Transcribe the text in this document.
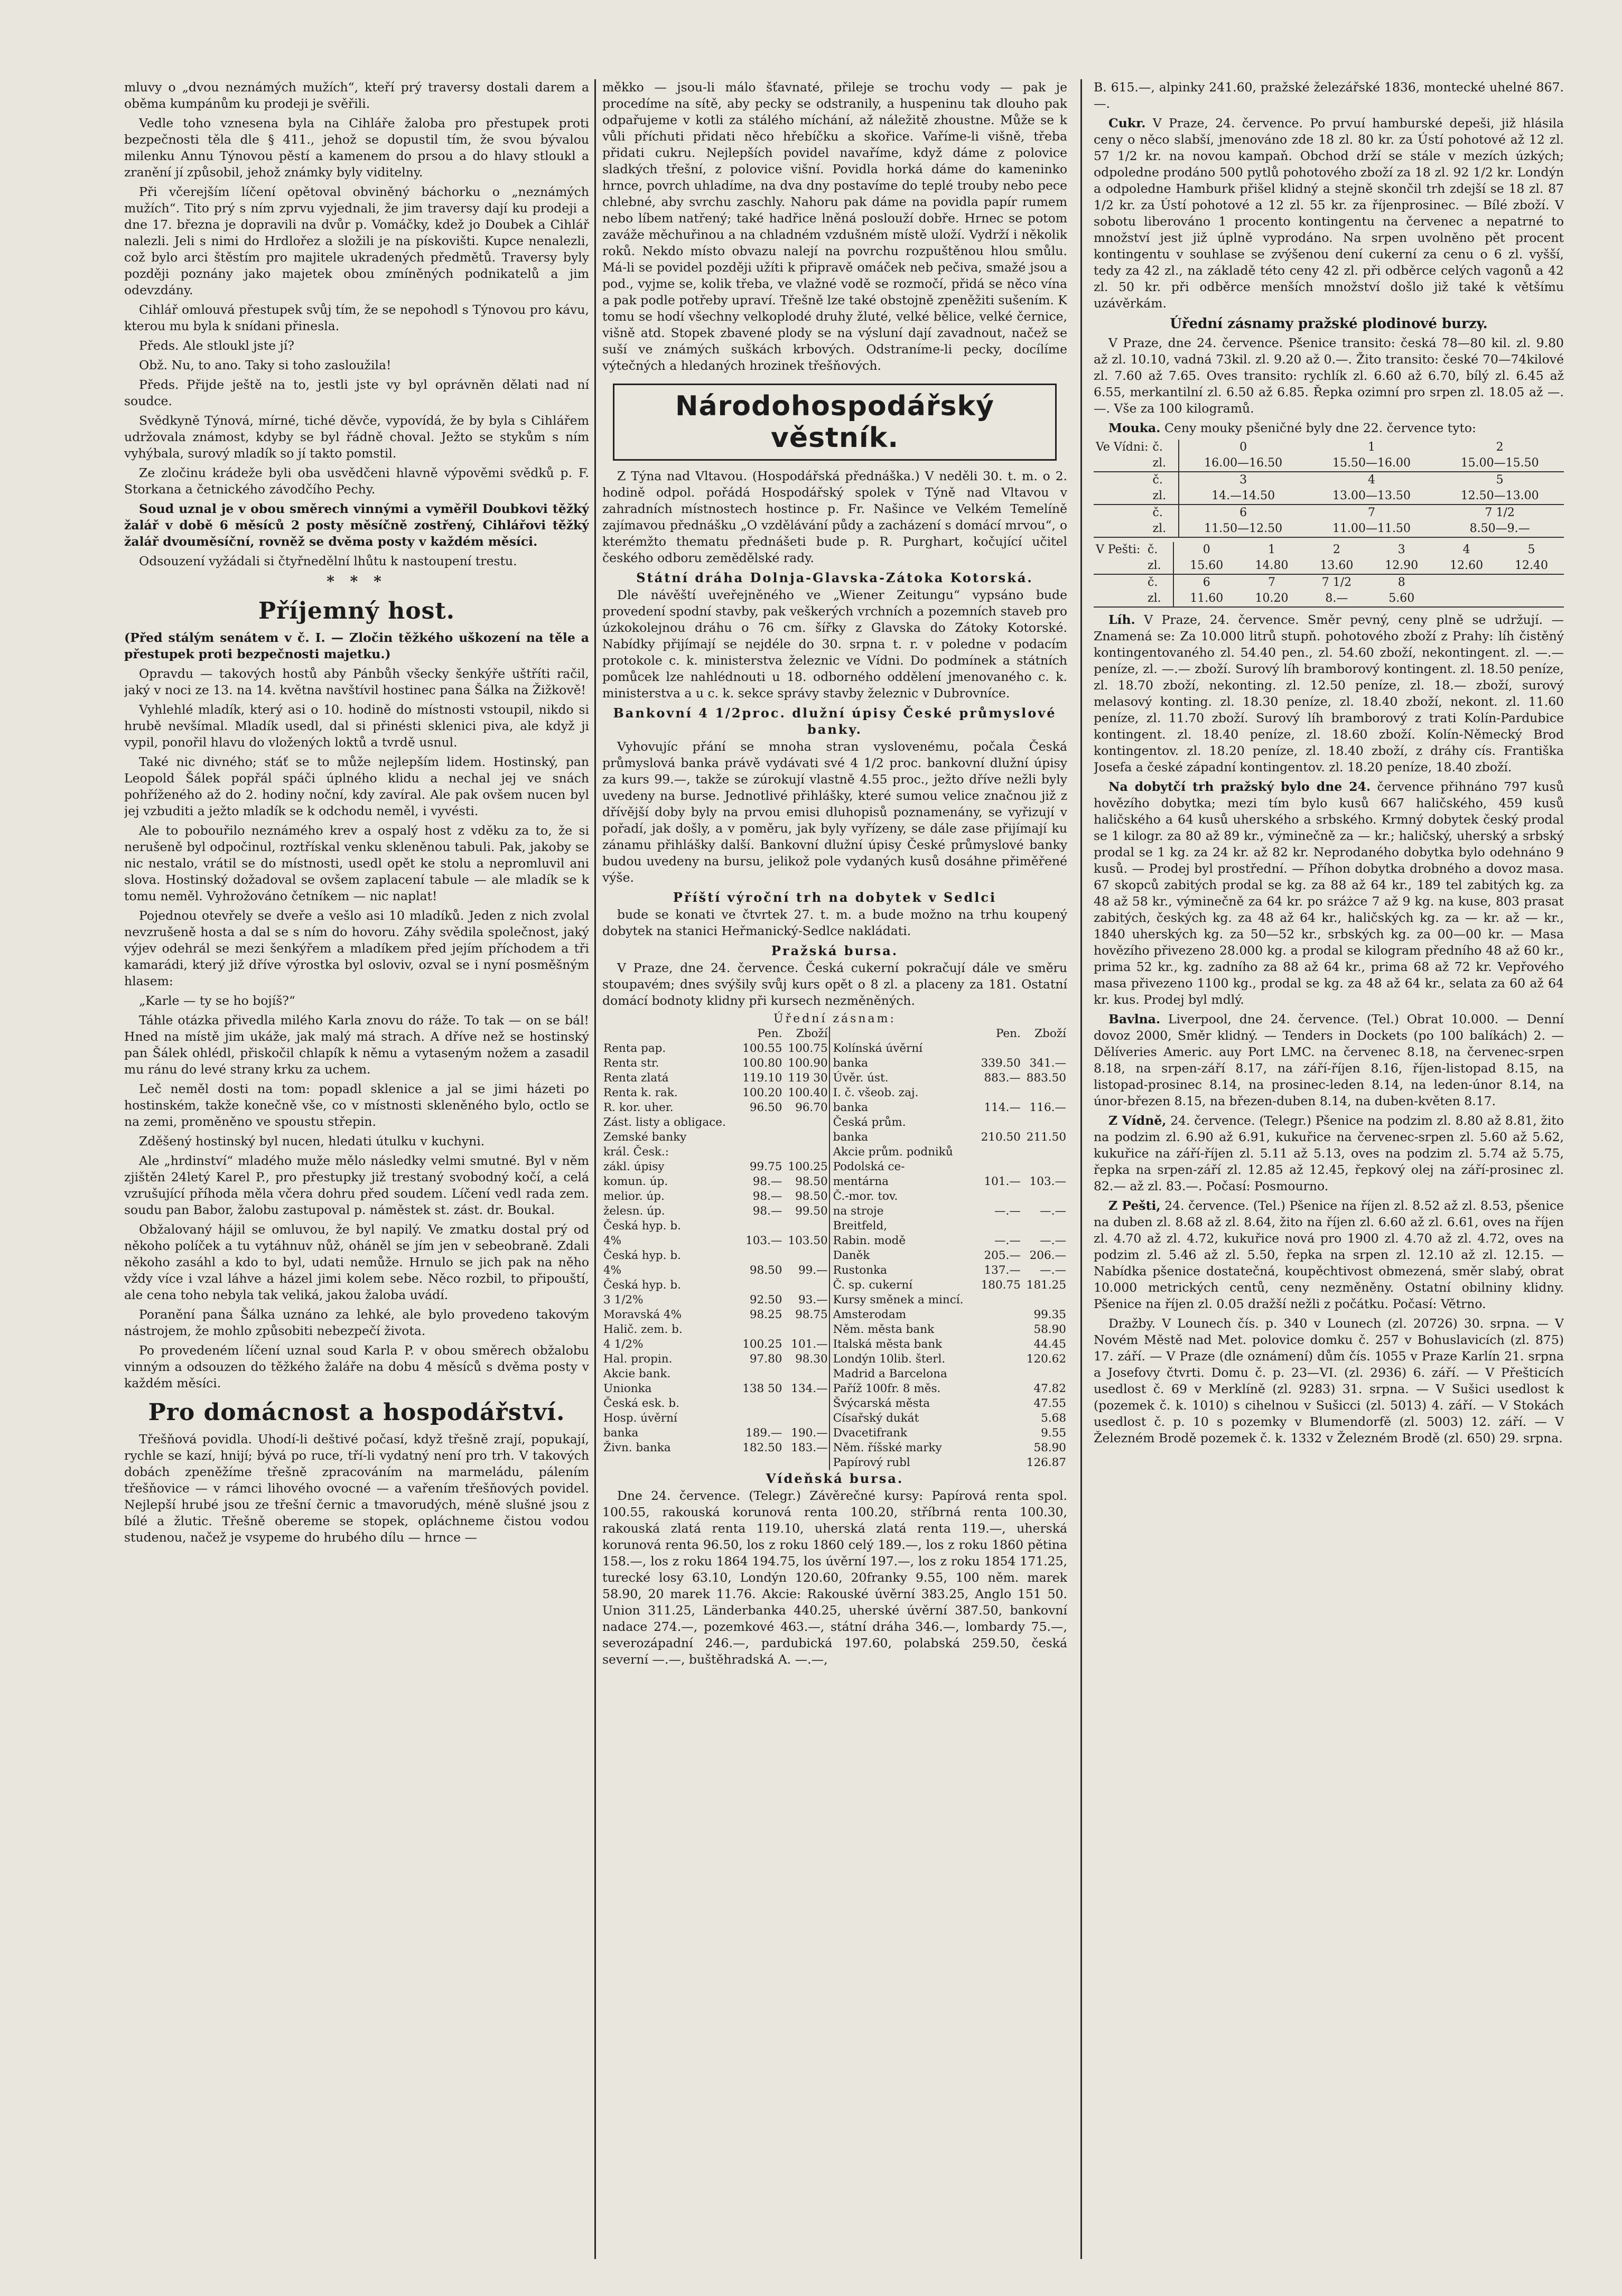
mluvy o „dvou neznámých mužích“, kteří prý traversy dostali darem a oběma kumpánům ku prodeji je svěřili.

Vedle toho vznesena byla na Cihláře žaloba pro přestupek proti bezpečnosti těla dle § 411., jehož se dopustil tím, že svou bývalou milenku Annu Týnovou pěstí a kamenem do prsou a do hlavy stloukl a zranění jí způsobil, jehož známky byly viditelny.

Při včerejším líčení opětoval obviněný báchorku o „neznámých mužích“. Tito prý s ním zprvu vyjednali, že jim traversy dají ku prodeji a dne 17. března je dopravili na dvůr p. Vomáčky, kdež jo Doubek a Cihlář nalezli. Jeli s nimi do Hrdlořez a složili je na pískovišti. Kupce nenalezli, což bylo arci štěstím pro majitele ukradených předmětů. Traversy byly později poznány jako majetek obou zmíněných podnikatelů a jim odevzdány.

Cihlář omlouvá přestupek svůj tím, že se nepohodl s Týnovou pro kávu, kterou mu byla k snídani přinesla.

Předs. Ale stloukl jste jí?

Obž. Nu, to ano. Taky si toho zasloužila!

Předs. Přijde ještě na to, jestli jste vy byl oprávněn dělati nad ní soudce.

Svědkyně Týnová, mírné, tiché děvče, vypovídá, že by byla s Cihlářem udržovala známost, kdyby se byl řádně choval. Ježto se stykům s ním vyhýbala, surový mladík so jí takto pomstil.

Ze zločinu krádeže byli oba usvědčeni hlavně výpověmi svědků p. F. Storkana a četnického závodčího Pechy.

Soud uznal je v obou směrech vinnými a vyměřil Doubkovi těžký žalář v době 6 měsíců 2 posty měsíčně zostřený, Cihlářovi těžký žalář dvouměsíční, rovněž se dvěma posty v každém měsíci.

Odsouzení vyžádali si čtyřnedělní lhůtu k nastoupení trestu.

* * *
Příjemný host.

(Před stálým senátem v č. I. — Zločin těžkého uškození na těle a přestupek proti bezpečnosti majetku.)

Opravdu — takových hostů aby Pánbůh všecky šenkýře uštříti račil, jaký v noci ze 13. na 14. května navštívil hostinec pana Šálka na Žižkově!

Vyhlehlé mladík, který asi o 10. hodině do místnosti vstoupil, nikdo si hrubě nevšímal. Mladík usedl, dal si přinésti sklenici piva, ale když ji vypil, ponořil hlavu do vložených loktů a tvrdě usnul.

Také nic divného; stáť se to může nejlepším lidem. Hostinský, pan Leopold Šálek popřál spáči úplného klidu a nechal jej ve snách pohříženého až do 2. hodiny noční, kdy zavíral. Ale pak ovšem nucen byl jej vzbuditi a ježto mladík se k odchodu neměl, i vyvésti.

Ale to pobouřilo neznámého krev a ospalý host z vděku za to, že si nerušeně byl odpočinul, roztřískal venku skleněnou tabuli. Pak, jakoby se nic nestalo, vrátil se do místnosti, usedl opět ke stolu a nepromluvil ani slova. Hostinský dožadoval se ovšem zaplacení tabule — ale mladík se k tomu neměl. Vyhrožováno četníkem — nic naplat!

Pojednou otevřely se dveře a vešlo asi 10 mladíků. Jeden z nich zvolal nevzrušeně hosta a dal se s ním do hovoru. Záhy svědila společnost, jaký výjev odehrál se mezi šenkýřem a mladíkem před jejím příchodem a tři kamarádi, který již dříve výrostka byl osloviv, ozval se i nyní posměšným hlasem:

„Karle — ty se ho bojíš?“

Táhle otázka přivedla milého Karla znovu do ráže. To tak — on se bál! Hned na místě jim ukáže, jak malý má strach. A dříve než se hostinský pan Šálek ohlédl, přiskočil chlapík k němu a vytaseným nožem a zasadil mu ránu do levé strany krku za uchem.

Leč neměl dosti na tom: popadl sklenice a jal se jimi házeti po hostinském, takže konečně vše, co v místnosti skleněného bylo, octlo se na zemi, proměněno ve spoustu střepin.

Zděšený hostinský byl nucen, hledati útulku v kuchyni.

Ale „hrdinství“ mladého muže mělo následky velmi smutné. Byl v něm zjištěn 24letý Karel P., pro přestupky již trestaný svobodný kočí, a celá vzrušující příhoda měla včera dohru před soudem. Líčení vedl rada zem. soudu pan Babor, žalobu zastupoval p. náměstek st. zást. dr. Boukal.

Obžalovaný hájil se omluvou, že byl napilý. Ve zmatku dostal prý od někoho políček a tu vytáhnuv nůž, oháněl se jím jen v sebeobraně. Zdali někoho zasáhl a kdo to byl, udati nemůže. Hrnulo se jich pak na něho vždy více i vzal láhve a házel jimi kolem sebe. Něco rozbil, to připouští, ale cena toho nebyla tak veliká, jakou žaloba uvádí.

Poranění pana Šálka uznáno za lehké, ale bylo provedeno takovým nástrojem, že mohlo způsobiti nebezpečí života.

Po provedeném líčení uznal soud Karla P. v obou směrech obžalobu vinným a odsouzen do těžkého žaláře na dobu 4 měsíců s dvěma posty v každém měsíci.

Pro domácnost a hospodářství.

Třešňová povidla. Uhodí-li deštivé počasí, když třešně zrají, popukají, rychle se kazí, hnijí; bývá po ruce, tří-li vydatný není pro trh. V takových dobách zpeněžíme třešně zpracováním na marmeládu, pálením třešňovice — v rámci lihového ovocné — a vařením třešňových povidel. Nejlepší hrubé jsou ze třešní černic a tmavorudých, méně slušné jsou z bílé a žlutic. Třešně obereme se stopek, opláchneme čistou vodou studenou, načež je vsypeme do hrubého dílu — hrnce —

měkko — jsou-li málo šťavnaté, přileje se trochu vody — pak je procedíme na sítě, aby pecky se odstranily, a huspeninu tak dlouho pak odpařujeme v kotli za stálého míchání, až náležitě zhoustne. Může se k vůli příchuti přidati něco hřebíčku a skořice. Vaříme-li višně, třeba přidati cukru. Nejlepších povidel navaříme, když dáme z polovice sladkých třešní, z polovice višní. Povidla horká dáme do kameninko hrnce, povrch uhladíme, na dva dny postavíme do teplé trouby nebo pece chlebné, aby svrchu zaschly. Nahoru pak dáme na povidla papír rumem nebo líbem natřený; také hadřice lněná poslouží dobře. Hrnec se potom zaváže měchuřinou a na chladném vzdušném místě uloží. Vydrží i několik roků. Nekdo místo obvazu nalejí na povrchu rozpuštěnou hlou smůlu. Má-li se povidel později užíti k připravě omáček neb pečiva, smažé jsou a pod., vyjme se, kolik třeba, ve vlažné vodě se rozmočí, přidá se něco vína a pak podle potřeby upraví. Třešně lze také obstojně zpeněžiti sušením. K tomu se hodí všechny velkoplodé druhy žluté, velké bělice, velké černice, višně atd. Stopek zbavené plody se na výsluní dají zavadnout, načež se suší ve známých suškách krbových. Odstraníme-li pecky, docílíme výtečných a hledaných hrozinek třešňových.

Národohospodářský věstník.

Z Týna nad Vltavou. (Hospodářská přednáška.) V neděli 30. t. m. o 2. hodině odpol. pořádá Hospodářský spolek v Týně nad Vltavou v zahradních místnostech hostince p. Fr. Našince ve Velkém Temelíně zajímavou přednášku „O vzdělávání půdy a zacházení s domácí mrvou“, o kterémžto thematu přednášeti bude p. R. Purghart, kočující učitel českého odboru zemědělské rady.

Státní dráha Dolnja-Glavska-Zátoka Kotorská.

Dle návěští uveřejněného ve „Wiener Zeitungu“ vypsáno bude provedení spodní stavby, pak veškerých vrchních a pozemních staveb pro úzkokolejnou dráhu o 76 cm. šířky z Glavska do Zátoky Kotorské. Nabídky přijímají se nejdéle do 30. srpna t. r. v poledne v podacím protokole c. k. ministerstva železnic ve Vídni. Do podmínek a státních pomůcek lze nahlédnouti u 18. odborného oddělení jmenovaného c. k. ministerstva a u c. k. sekce správy stavby železnic v Dubrovníce.

Bankovní 4 1/2proc. dlužní úpisy České průmyslové banky.

Vyhovujíc přání se mnoha stran vyslovenému, počala Česká průmyslová banka právě vydávati své 4 1/2 proc. bankovní dlužní úpisy za kurs 99.—, takže se zúrokují vlastně 4.55 proc., ježto dříve nežli byly uvedeny na burse. Jednotlivé přihlášky, které sumou velice značnou již z dřívější doby byly na prvou emisi dluhopisů poznamenány, se vyřizují v pořadí, jak došly, a v poměru, jak byly vyřízeny, se dále zase přijímají ku zánamu přihlášky další. Bankovní dlužní úpisy České průmyslové banky budou uvedeny na bursu, jelikož pole vydaných kusů dosáhne přiměřené výše.

Příští výroční trh na dobytek v Sedlci

bude se konati ve čtvrtek 27. t. m. a bude možno na trhu koupený dobytek na stanici Heřmanický-Sedlce nakládati.

Pražská bursa.

V Praze, dne 24. července. Česká cukerní pokračují dále ve směru stoupavém; dnes svýšily svůj kurs opět o 8 zl. a placeny za 181. Ostatní domácí bodnoty klidny při kursech nezměněných.

Úřední zásnam:
	Pen.	Zboží		Pen.	Zboží
Renta pap.	100.55	100.75	Kolínská úvěrní		
Renta str.	100.80	100.90	banka	339.50	341.—
Renta zlatá	119.10	119 30	Úvěr. úst.	883.—	883.50
Renta k. rak.	100.20	100.40	I. č. všeob. zaj.		
R. kor. uher.	96.50	96.70	banka	114.—	116.—
Zást. listy a obligace.			Česká prům.		
Zemské banky			banka	210.50	211.50
král. Česk.:			Akcie prům. podniků		
zákl. úpisy	99.75	100.25	Podolská ce-		
komun. úp.	98.—	98.50	mentárna	101.—	103.—
melior. úp.	98.—	98.50	Č.-mor. tov.		
želesn. úp.	98.—	99.50	na stroje	—.—	—.—
Česká hyp. b.			Breitfeld,		
4%	103.—	103.50	Rabin. modě	—.—	—.—
Česká hyp. b.			Daněk	205.—	206.—
4%	98.50	99.—	Rustonka	137.—	—.—
Česká hyp. b.			Č. sp. cukerní	180.75	181.25
3 1/2%	92.50	93.—	Kursy směnek a mincí.		
Moravská 4%	98.25	98.75	Amsterodam		99.35
Halič. zem. b.			Něm. města bank		58.90
4 1/2%	100.25	101.—	Italská města bank		44.45
Hal. propin.	97.80	98.30	Londýn 10lib. šterl.		120.62
Akcie bank.			Madrid a Barcelona		
Unionka	138 50	134.—	Paříž 100fr. 8 měs.		47.82
Česká esk. b.			Švýcarská města		47.55
Hosp. úvěrní			Císařský dukát		5.68
banka	189.—	190.—	Dvacetifrank		9.55
Živn. banka	182.50	183.—	Něm. říšské marky		58.90
			Papírový rubl		126.87
Vídeňská bursa.

Dne 24. července. (Telegr.) Závěrečné kursy: Papírová renta spol. 100.55, rakouská korunová renta 100.20, stříbrná renta 100.30, rakouská zlatá renta 119.10, uherská zlatá renta 119.—, uherská korunová renta 96.50, los z roku 1860 celý 189.—, los z roku 1860 pětina 158.—, los z roku 1864 194.75, los úvěrní 197.—, los z roku 1854 171.25, turecké losy 63.10, Londýn 120.60, 20franky 9.55, 100 něm. marek 58.90, 20 marek 11.76. Akcie: Rakouské úvěrní 383.25, Anglo 151 50. Union 311.25, Länderbanka 440.25, uherské úvěrní 387.50, bankovní nadace 274.—, pozemkové 463.—, státní dráha 346.—, lombardy 75.—, severozápadní 246.—, pardubická 197.60, polabská 259.50, česká severní —.—, buštěhradská A. —.—,

B. 615.—, alpinky 241.60, pražské železářské 1836, montecké uhelné 867.—.

Cukr. V Praze, 24. července. Po prvuí hamburské depeši, již hlásila ceny o něco slabší, jmenováno zde 18 zl. 80 kr. za Ústí pohotové až 12 zl. 57 1/2 kr. na novou kampaň. Obchod drží se stále v mezích úzkých; odpoledne prodáno 500 pytlů pohotového zboží za 18 zl. 92 1/2 kr. Londýn a odpoledne Hamburk přišel klidný a stejně skončil trh zdejší se 18 zl. 87 1/2 kr. za Ústí pohotové a 12 zl. 55 kr. za říjenprosinec. — Bílé zboží. V sobotu liberováno 1 procento kontingentu na červenec a nepatrné to množství jest již úplně vyprodáno. Na srpen uvolněno pět procent kontingentu v souhlase se zvýšenou dení cukerní za cenu o 6 zl. vyšší, tedy za 42 zl., na základě této ceny 42 zl. při odběrce celých vagonů a 42 zl. 50 kr. při odběrce menších množství došlo již také k většímu uzávěrkám.

Úřední zásnamy pražské plodinové burzy.

V Praze, dne 24. července. Pšenice transito: česká 78—80 kil. zl. 9.80 až zl. 10.10, vadná 73kil. zl. 9.20 až 0.—. Žito transito: české 70—74kilové zl. 7.60 až 7.65. Oves transito: rychlík zl. 6.60 až 6.70, bílý zl. 6.45 až 6.55, merkantilní zl. 6.50 až 6.85. Řepka ozimní pro srpen zl. 18.05 až —.—. Vše za 100 kilogramů.

Mouka. Ceny mouky pšeničné byly dne 22. července tyto:

Ve Vídni:	č.	0	1	2
	zl.	16.00—16.50	15.50—16.00	15.00—15.50
	č.	3	4	5
	zl.	14.—14.50	13.00—13.50	12.50—13.00
	č.	6	7	7 1/2
	zl.	11.50—12.50	11.00—11.50	8.50—9.—
V Pešti:	č.	0	1	2	3	4	5
	zl.	15.60	14.80	13.60	12.90	12.60	12.40
	č.	6	7	7 1/2	8		
	zl.	11.60	10.20	8.—	5.60		

Líh. V Praze, 24. července. Směr pevný, ceny plně se udržují. — Znamená se: Za 10.000 litrů stupň. pohotového zboží z Prahy: líh čistěný kontingentovaného zl. 54.40 pen., zl. 54.60 zboží, nekontingent. zl. —.— peníze, zl. —.— zboží. Surový líh bramborový kontingent. zl. 18.50 peníze, zl. 18.70 zboží, nekonting. zl. 12.50 peníze, zl. 18.— zboží, surový melasový konting. zl. 18.30 peníze, zl. 18.40 zboží, nekont. zl. 11.60 peníze, zl. 11.70 zboží. Surový líh bramborový z trati Kolín-Pardubice kontingent. zl. 18.40 peníze, zl. 18.60 zboží. Kolín-Německý Brod kontingentov. zl. 18.20 peníze, zl. 18.40 zboží, z dráhy cís. Františka Josefa a české západní kontingentov. zl. 18.20 peníze, 18.40 zboží.

Na dobytčí trh pražský bylo dne 24. července přihnáno 797 kusů hovězího dobytka; mezi tím bylo kusů 667 haličského, 459 kusů haličského a 64 kusů uherského a srbského. Krmný dobytek český prodal se 1 kilogr. za 80 až 89 kr., výminečně za — kr.; haličský, uherský a srbský prodal se 1 kg. za 24 kr. až 82 kr. Neprodaného dobytka bylo odehnáno 9 kusů. — Prodej byl prostřední. — Příhon dobytka drobného a dovoz masa. 67 skopců zabitých prodal se kg. za 88 až 64 kr., 189 tel zabitých kg. za 48 až 58 kr., výminečně za 64 kr. po sráżce 7 až 9 kg. na kuse, 803 prasat zabitých, českých kg. za 48 až 64 kr., haličských kg. za — kr. až — kr., 1840 uherských kg. za 50—52 kr., srbských kg. za 00—00 kr. — Masa hovězího přivezeno 28.000 kg. a prodal se kilogram předního 48 až 60 kr., prima 52 kr., kg. zadního za 88 až 64 kr., prima 68 až 72 kr. Vepřového masa přivezeno 1100 kg., prodal se kg. za 48 až 64 kr., selata za 60 až 64 kr. kus. Prodej byl mdlý.

Bavlna. Liverpool, dne 24. července. (Tel.) Obrat 10.000. — Denní dovoz 2000, Směr klidný. — Tenders in Dockets (po 100 balíkách) 2. — Dělíveries Americ. auy Port LMC. na červenec 8.18, na červenec-srpen 8.18, na srpen-září 8.17, na září-říjen 8.16, říjen-listopad 8.15, na listopad-prosinec 8.14, na prosinec-leden 8.14, na leden-únor 8.14, na únor-březen 8.15, na březen-duben 8.14, na duben-květen 8.17.

Z Vídně, 24. července. (Telegr.) Pšenice na podzim zl. 8.80 až 8.81, žito na podzim zl. 6.90 až 6.91, kukuřice na červenec-srpen zl. 5.60 až 5.62, kukuřice na září-říjen zl. 5.11 až 5.13, oves na podzim zl. 5.74 až 5.75, řepka na srpen-září zl. 12.85 až 12.45, řepkový olej na září-prosinec zl. 82.— až zl. 83.—. Počasí: Posmourno.

Z Pešti, 24. července. (Tel.) Pšenice na říjen zl. 8.52 až zl. 8.53, pšenice na duben zl. 8.68 až zl. 8.64, žito na říjen zl. 6.60 až zl. 6.61, oves na říjen zl. 4.70 až zl. 4.72, kukuřice nová pro 1900 zl. 4.70 až zl. 4.72, oves na podzim zl. 5.46 až zl. 5.50, řepka na srpen zl. 12.10 až zl. 12.15. — Nabídka pšenice dostatečná, koupěchtivost obmezená, směr slabý, obrat 10.000 metrických centů, ceny nezměněny. Ostatní obilniny klidny. Pšenice na říjen zl. 0.05 dražší nežli z počátku. Počasí: Větrno.

Dražby. V Lounech čís. p. 340 v Lounech (zl. 20726) 30. srpna. — V Novém Městě nad Met. polovice domku č. 257 v Bohuslavicích (zl. 875) 17. září. — V Praze (dle oznámení) dům čís. 1055 v Praze Karlín 21. srpna a Josefovy čtvrti. Domu č. p. 23—VI. (zl. 2936) 6. září. — V Přešticích usedlost č. 69 v Merklíně (zl. 9283) 31. srpna. — V Sušici usedlost k (pozemek č. k. 1010) s cihelnou v Sušicci (zl. 5013) 4. září. — V Stokách usedlost č. p. 10 s pozemky v Blumendorfě (zl. 5003) 12. září. — V Železném Brodě pozemek č. k. 1332 v Železném Brodě (zl. 650) 29. srpna.
